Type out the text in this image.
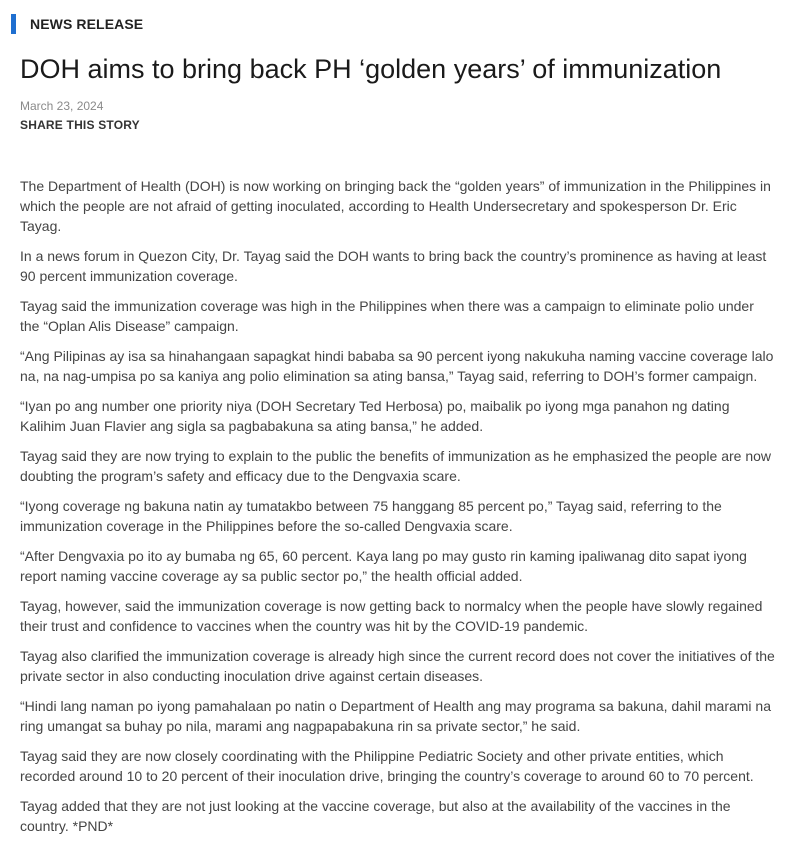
NEWS RELEASE
DOH aims to bring back PH ‘golden years’ of immunization
March 23, 2024
SHARE THIS STORY

The Department of Health (DOH) is now working on bringing back the “golden years” of immunization in the Philippines in which the people are not afraid of getting inoculated, according to Health Undersecretary and spokesperson Dr. Eric Tayag.

In a news forum in Quezon City, Dr. Tayag said the DOH wants to bring back the country’s prominence as having at least 90 percent immunization coverage.

Tayag said the immunization coverage was high in the Philippines when there was a campaign to eliminate polio under the “Oplan Alis Disease” campaign.

“Ang Pilipinas ay isa sa hinahangaan sapagkat hindi bababa sa 90 percent iyong nakukuha naming vaccine coverage lalo na, na nag-umpisa po sa kaniya ang polio elimination sa ating bansa,” Tayag said, referring to DOH’s former campaign.

“Iyan po ang number one priority niya (DOH Secretary Ted Herbosa) po, maibalik po iyong mga panahon ng dating Kalihim Juan Flavier ang sigla sa pagbabakuna sa ating bansa,” he added.

Tayag said they are now trying to explain to the public the benefits of immunization as he emphasized the people are now doubting the program’s safety and efficacy due to the Dengvaxia scare.

“Iyong coverage ng bakuna natin ay tumatakbo between 75 hanggang 85 percent po,” Tayag said, referring to the immunization coverage in the Philippines before the so-called Dengvaxia scare.

“After Dengvaxia po ito ay bumaba ng 65, 60 percent. Kaya lang po may gusto rin kaming ipaliwanag dito sapat iyong report naming vaccine coverage ay sa public sector po,” the health official added.

Tayag, however, said the immunization coverage is now getting back to normalcy when the people have slowly regained their trust and confidence to vaccines when the country was hit by the COVID-19 pandemic.

Tayag also clarified the immunization coverage is already high since the current record does not cover the initiatives of the private sector in also conducting inoculation drive against certain diseases.

“Hindi lang naman po iyong pamahalaan po natin o Department of Health ang may programa sa bakuna, dahil marami na ring umangat sa buhay po nila, marami ang nagpapabakuna rin sa private sector,” he said.

Tayag said they are now closely coordinating with the Philippine Pediatric Society and other private entities, which recorded around 10 to 20 percent of their inoculation drive, bringing the country’s coverage to around 60 to 70 percent.

Tayag added that they are not just looking at the vaccine coverage, but also at the availability of the vaccines in the country. *PND*
